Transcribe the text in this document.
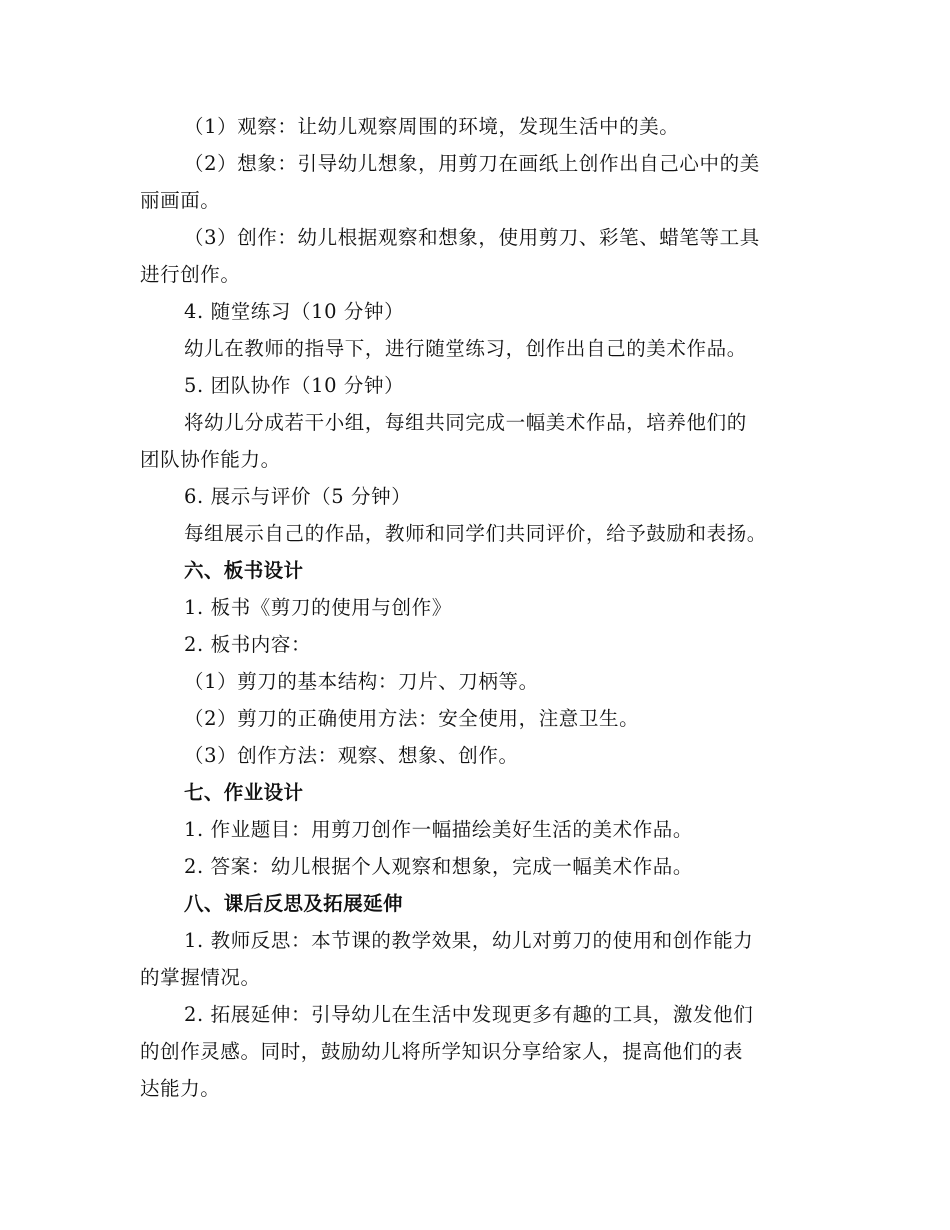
（1）观察：让幼儿观察周围的环境，发现生活中的美。
（2）想象：引导幼儿想象，用剪刀在画纸上创作出自己心中的美
丽画面。
（3）创作：幼儿根据观察和想象，使用剪刀、彩笔、蜡笔等工具
进行创作。
4. 随堂练习（10 分钟）
幼儿在教师的指导下，进行随堂练习，创作出自己的美术作品。
5. 团队协作（10 分钟）
将幼儿分成若干小组，每组共同完成一幅美术作品，培养他们的
团队协作能力。
6. 展示与评价（5 分钟）
每组展示自己的作品，教师和同学们共同评价，给予鼓励和表扬。
六、板书设计
1. 板书《剪刀的使用与创作》
2. 板书内容：
（1）剪刀的基本结构：刀片、刀柄等。
（2）剪刀的正确使用方法：安全使用，注意卫生。
（3）创作方法：观察、想象、创作。
七、作业设计
1. 作业题目：用剪刀创作一幅描绘美好生活的美术作品。
2. 答案：幼儿根据个人观察和想象，完成一幅美术作品。
八、课后反思及拓展延伸
1. 教师反思：本节课的教学效果，幼儿对剪刀的使用和创作能力
的掌握情况。
2. 拓展延伸：引导幼儿在生活中发现更多有趣的工具，激发他们
的创作灵感。同时，鼓励幼儿将所学知识分享给家人，提高他们的表
达能力。
